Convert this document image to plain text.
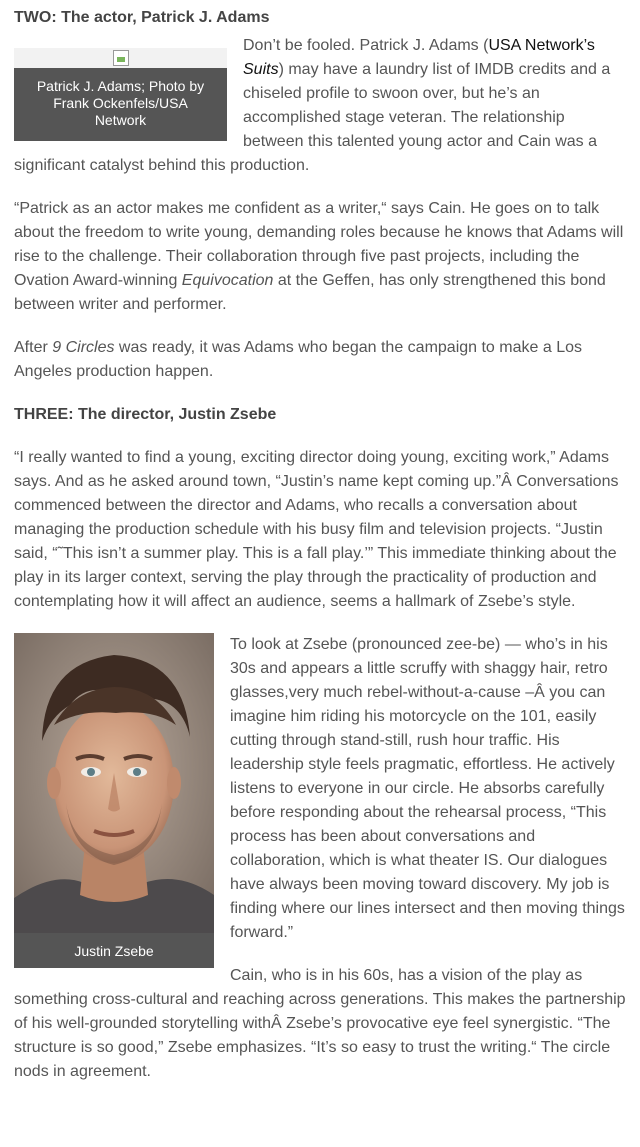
TWO: The actor, Patrick J. Adams
Patrick J. Adams; Photo by Frank Ockenfels/USA Network

Don’t be fooled. Patrick J. Adams (USA Network’s Suits) may have a laundry list of IMDB credits and a chiseled profile to swoon over, but he’s an accomplished stage veteran. The relationship between this talented young actor and Cain was a significant catalyst behind this production.

“Patrick as an actor makes me confident as a writer,“ says Cain. He goes on to talk about the freedom to write young, demanding roles because he knows that Adams will rise to the challenge. Their collaboration through five past projects, including the Ovation Award-winning Equivocation at the Geffen, has only strengthened this bond between writer and performer.

After 9 Circles was ready, it was Adams who began the campaign to make a Los Angeles production happen.

THREE: The director, Justin Zsebe

“I really wanted to find a young, exciting director doing young, exciting work,” Adams says. And as he asked around town, “Justin’s name kept coming up.”Â Conversations commenced between the director and Adams, who recalls a conversation about managing the production schedule with his busy film and television projects. “Justin said, “˜This isn’t a summer play. This is a fall play.’” This immediate thinking about the play in its larger context, serving the play through the practicality of production and contemplating how it will affect an audience, seems a hallmark of Zsebe’s style.

Justin Zsebe

To look at Zsebe (pronounced zee-be) — who’s in his 30s and appears a little scruffy with shaggy hair, retro glasses,very much rebel-without-a-cause –Â you can imagine him riding his motorcycle on the 101, easily cutting through stand-still, rush hour traffic. His leadership style feels pragmatic, effortless. He actively listens to everyone in our circle. He absorbs carefully before responding about the rehearsal process, “This process has been about conversations and collaboration, which is what theater IS. Our dialogues have always been moving toward discovery. My job is finding where our lines intersect and then moving things forward.”

Cain, who is in his 60s, has a vision of the play as something cross-cultural and reaching across generations. This makes the partnership of his well-grounded storytelling withÂ Zsebe’s provocative eye feel synergistic. “The structure is so good,” Zsebe emphasizes. “It’s so easy to trust the writing.“ The circle nods in agreement.
